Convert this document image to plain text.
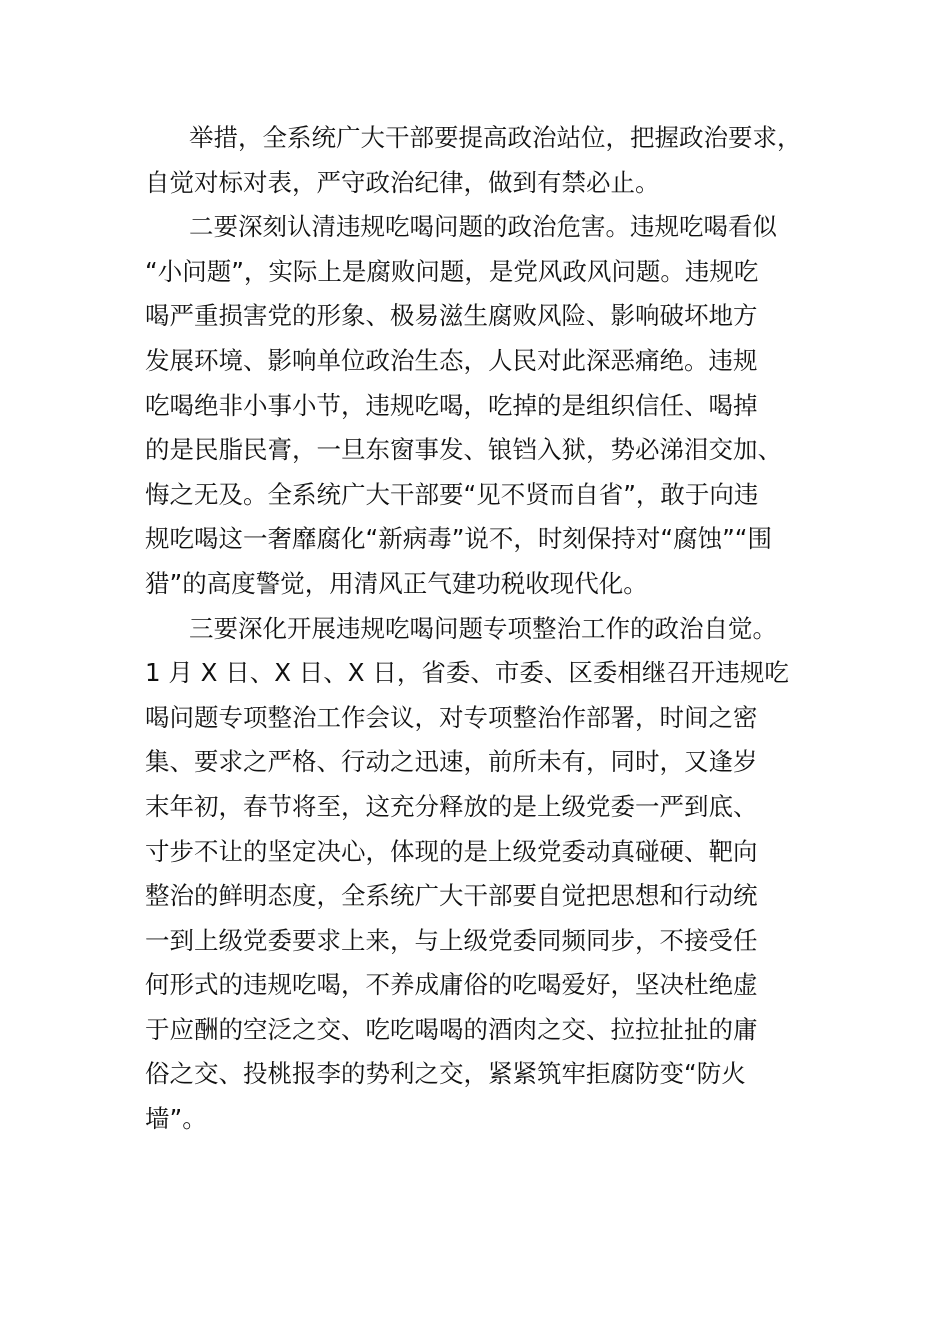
举措，全系统广大干部要提高政治站位，把握政治要求，
自觉对标对表，严守政治纪律，做到有禁必止。
二要深刻认清违规吃喝问题的政治危害。违规吃喝看似
“小问题”，实际上是腐败问题，是党风政风问题。违规吃
喝严重损害党的形象、极易滋生腐败风险、影响破坏地方
发展环境、影响单位政治生态，人民对此深恶痛绝。违规
吃喝绝非小事小节，违规吃喝，吃掉的是组织信任、喝掉
的是民脂民膏，一旦东窗事发、锒铛入狱，势必涕泪交加、
悔之无及。全系统广大干部要“见不贤而自省”，敢于向违
规吃喝这一奢靡腐化“新病毒”说不，时刻保持对“腐蚀”“围
猎”的高度警觉，用清风正气建功税收现代化。
三要深化开展违规吃喝问题专项整治工作的政治自觉。
1 月 X 日、X 日、X 日，省委、市委、区委相继召开违规吃
喝问题专项整治工作会议，对专项整治作部署，时间之密
集、要求之严格、行动之迅速，前所未有，同时，又逢岁
末年初，春节将至，这充分释放的是上级党委一严到底、
寸步不让的坚定决心，体现的是上级党委动真碰硬、靶向
整治的鲜明态度，全系统广大干部要自觉把思想和行动统
一到上级党委要求上来，与上级党委同频同步，不接受任
何形式的违规吃喝，不养成庸俗的吃喝爱好，坚决杜绝虚
于应酬的空泛之交、吃吃喝喝的酒肉之交、拉拉扯扯的庸
俗之交、投桃报李的势利之交，紧紧筑牢拒腐防变“防火
墙”。
